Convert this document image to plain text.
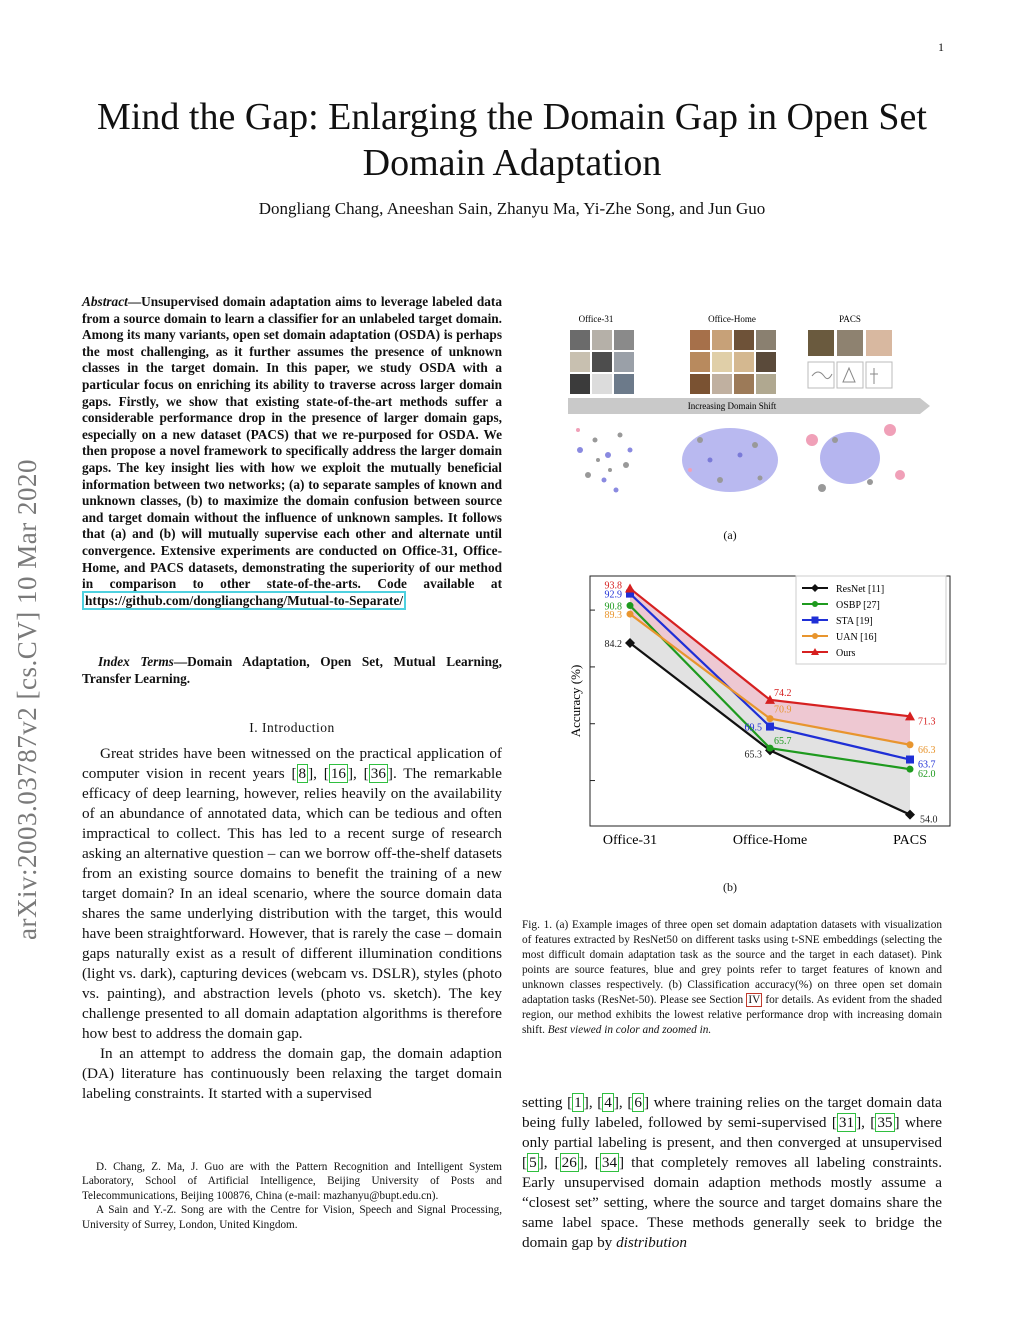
1
arXiv:2003.03787v2 [cs.CV] 10 Mar 2020
Mind the Gap: Enlarging the Domain Gap in Open Set Domain Adaptation
Dongliang Chang, Aneeshan Sain, Zhanyu Ma, Yi-Zhe Song, and Jun Guo
Abstract—Unsupervised domain adaptation aims to leverage labeled data from a source domain to learn a classifier for an unlabeled target domain. Among its many variants, open set domain adaptation (OSDA) is perhaps the most challenging, as it further assumes the presence of unknown classes in the target domain. In this paper, we study OSDA with a particular focus on enriching its ability to traverse across larger domain gaps. Firstly, we show that existing state-of-the-art methods suffer a considerable performance drop in the presence of larger domain gaps, especially on a new dataset (PACS) that we re-purposed for OSDA. We then propose a novel framework to specifically address the larger domain gaps. The key insight lies with how we exploit the mutually beneficial information between two networks; (a) to separate samples of known and unknown classes, (b) to maximize the domain confusion between source and target domain without the influence of unknown samples. It follows that (a) and (b) will mutually supervise each other and alternate until convergence. Extensive experiments are conducted on Office-31, Office-Home, and PACS datasets, demonstrating the superiority of our method in comparison to other state-of-the-arts. Code available at https://github.com/dongliangchang/Mutual-to-Separate/
Index Terms—Domain Adaptation, Open Set, Mutual Learning, Transfer Learning.
I. Introduction

Great strides have been witnessed on the practical application of computer vision in recent years [ 8 ], [ 16 ], [ 36 ]. The remarkable efficacy of deep learning, however, relies heavily on the availability of an abundance of annotated data, which can be tedious and often impractical to collect. This has led to a recent surge of research asking an alternative question – can we borrow off-the-shelf datasets from an existing source domains to benefit the training of a new target domain? In an ideal scenario, where the source domain data shares the same underlying distribution with the target, this would have been straightforward. However, that is rarely the case – domain gaps naturally exist as a result of different illumination conditions (light vs. dark), capturing devices (webcam vs. DSLR), styles (photo vs. painting), and abstraction levels (photo vs. sketch). The key challenge presented to all domain adaptation algorithms is therefore how best to address the domain gap.

In an attempt to address the domain gap, the domain adaption (DA) literature has continuously been relaxing the target domain labeling constraints. It started with a supervised

D. Chang, Z. Ma, J. Guo are with the Pattern Recognition and Intelligent System Laboratory, School of Artificial Intelligence, Beijing University of Posts and Telecommunications, Beijing 100876, China (e-mail: mazhanyu@bupt.edu.cn).

A Sain and Y.-Z. Song are with the Centre for Vision, Speech and Signal Processing, University of Surrey, London, United Kingdom.

Office-31	Office-Home	PACS
Increasing Domain Shift
(a)
84.2
65.3
54.0
90.8
65.7
62.0
92.9
69.5
63.7
89.3
70.9
66.3
93.8
74.2
71.3
Office-31	Office-Home	PACS
Accuracy (%)
ResNet [11]
OSBP [27]
STA [19]
UAN [16]
Ours
(b)
Fig. 1. (a) Example images of three open set domain adaptation datasets with visualization of features extracted by ResNet50 on different tasks using t-SNE embeddings (selecting the most difficult domain adaptation task as the source and the target in each dataset). Pink points are source features, blue and grey points refer to target features of known and unknown classes respectively. (b) Classification accuracy(%) on three open set domain adaptation tasks (ResNet-50). Please see Section IV for details. As evident from the shaded region, our method exhibits the lowest relative performance drop with increasing domain shift. Best viewed in color and zoomed in.
setting [ 1 ], [ 4 ], [ 6 ] where training relies on the target domain data being fully labeled, followed by semi-supervised [ 31 ], [ 35 ] where only partial labeling is present, and then converged at unsupervised [ 5 ], [ 26 ], [ 34 ] that completely removes all labeling constraints. Early unsupervised domain adaption methods mostly assume a “closest set” setting, where the source and target domains share the same label space. These methods generally seek to bridge the domain gap by distribution
